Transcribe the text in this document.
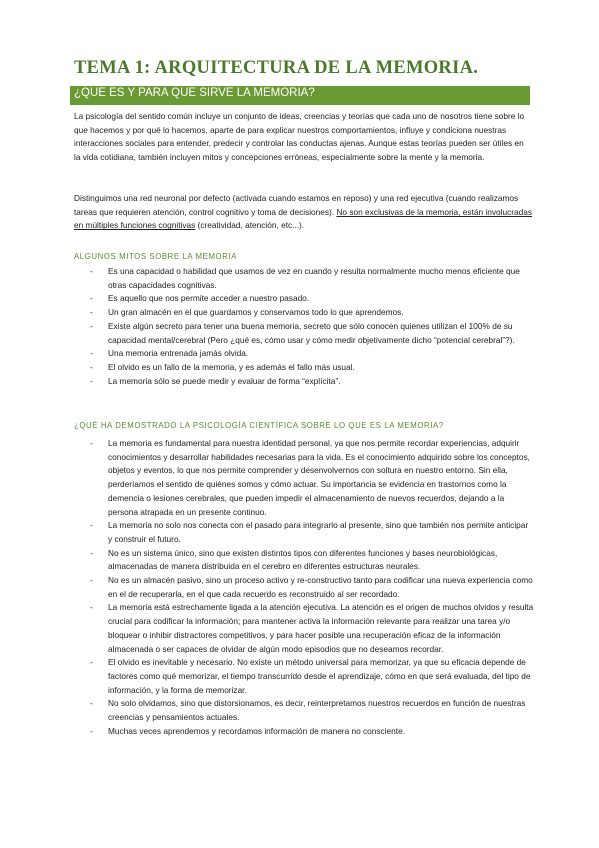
TEMA 1: ARQUITECTURA DE LA MEMORIA.
¿QUE ES Y PARA QUE SIRVE LA MEMORIA?
La psicología del sentido común incluye un conjunto de ideas, creencias y teorías que cada uno de nosotros tiene sobre lo que hacemos y por qué lo hacemos, aparte de para explicar nuestros comportamientos, influye y condiciona nuestras interacciones sociales para entender, predecir y controlar las conductas ajenas. Aunque estas teorías pueden ser útiles en la vida cotidiana, también incluyen mitos y concepciones erróneas, especialmente sobre la mente y la memoria.
Distinguimos una red neuronal por defecto (activada cuando estamos en reposo) y una red ejecutiva (cuando realizamos tareas que requieren atención, control cognitivo y toma de decisiones). No son exclusivas de la memoria, están involucradas en múltiples funciones cognitivas (creatividad, atención, etc...).
ALGUNOS MITOS SOBRE LA MEMORIA
- Es una capacidad o habilidad que usamos de vez en cuando y resulta normalmente mucho menos eficiente que otras capacidades cognitivas.
- Es aquello que nos permite acceder a nuestro pasado.
- Un gran almacén en el que guardamos y conservamos todo lo que aprendemos.
- Existe algún secreto para tener una buena memoria, secreto que sólo conocen quienes utilizan el 100% de su capacidad mental/cerebral (Pero ¿qué es, cómo usar y cómo medir objetivamente dicho “potencial cerebral”?).
- Una memoria entrenada jamás olvida.
- El olvido es un fallo de la memoria, y es además el fallo más usual.
- La memoria sólo se puede medir y evaluar de forma “explícita”.
¿QUÉ HA DEMOSTRADO LA PSICOLOGÍA CIENTÍFICA SOBRE LO QUE ES LA MEMORIA?
- La memoria es fundamental para nuestra identidad personal, ya que nos permite recordar experiencias, adquirir conocimientos y desarrollar habilidades necesarias para la vida. Es el conocimiento adquirido sobre los conceptos, objetos y eventos, lo que nos permite comprender y desenvolvernos con soltura en nuestro entorno. Sin ella, perderíamos el sentido de quiénes somos y cómo actuar. Su importancia se evidencia en trastornos como la demencia o lesiones cerebrales, que pueden impedir el almacenamiento de nuevos recuerdos, dejando a la persona atrapada en un presente continuo.
- La memoria no solo nos conecta con el pasado para integrarlo al presente, sino que también nos permite anticipar y construir el futuro.
- No es un sistema único, sino que existen distintos tipos con diferentes funciones y bases neurobiológicas, almacenadas de manera distribuida en el cerebro en diferentes estructuras neurales.
- No es un almacén pasivo, sino un proceso activo y re-constructivo tanto para codificar una nueva experiencia como en el de recuperarla, en el que cada recuerdo es reconstruido al ser recordado.
- La memoria está estrechamente ligada a la atención ejecutiva. La atención es el origen de muchos olvidos y resulta crucial para codificar la información; para mantener activa la información relevante para realizar una tarea y/o bloquear o inhibir distractores competitivos, y para hacer posible una recuperación eficaz de la información almacenada o ser capaces de olvidar de algún modo episodios que no deseamos recordar.
- El olvido es inevitable y necesario. No existe un método universal para memorizar, ya que su eficacia depende de factores como qué memorizar, el tiempo transcurrido desde el aprendizaje, cómo en que será evaluada, del tipo de información, y la forma de memorizar.
- No solo olvidamos, sino que distorsionamos, es decir, reinterpretamos nuestros recuerdos en función de nuestras creencias y pensamientos actuales.
- Muchas veces aprendemos y recordamos información de manera no consciente.
